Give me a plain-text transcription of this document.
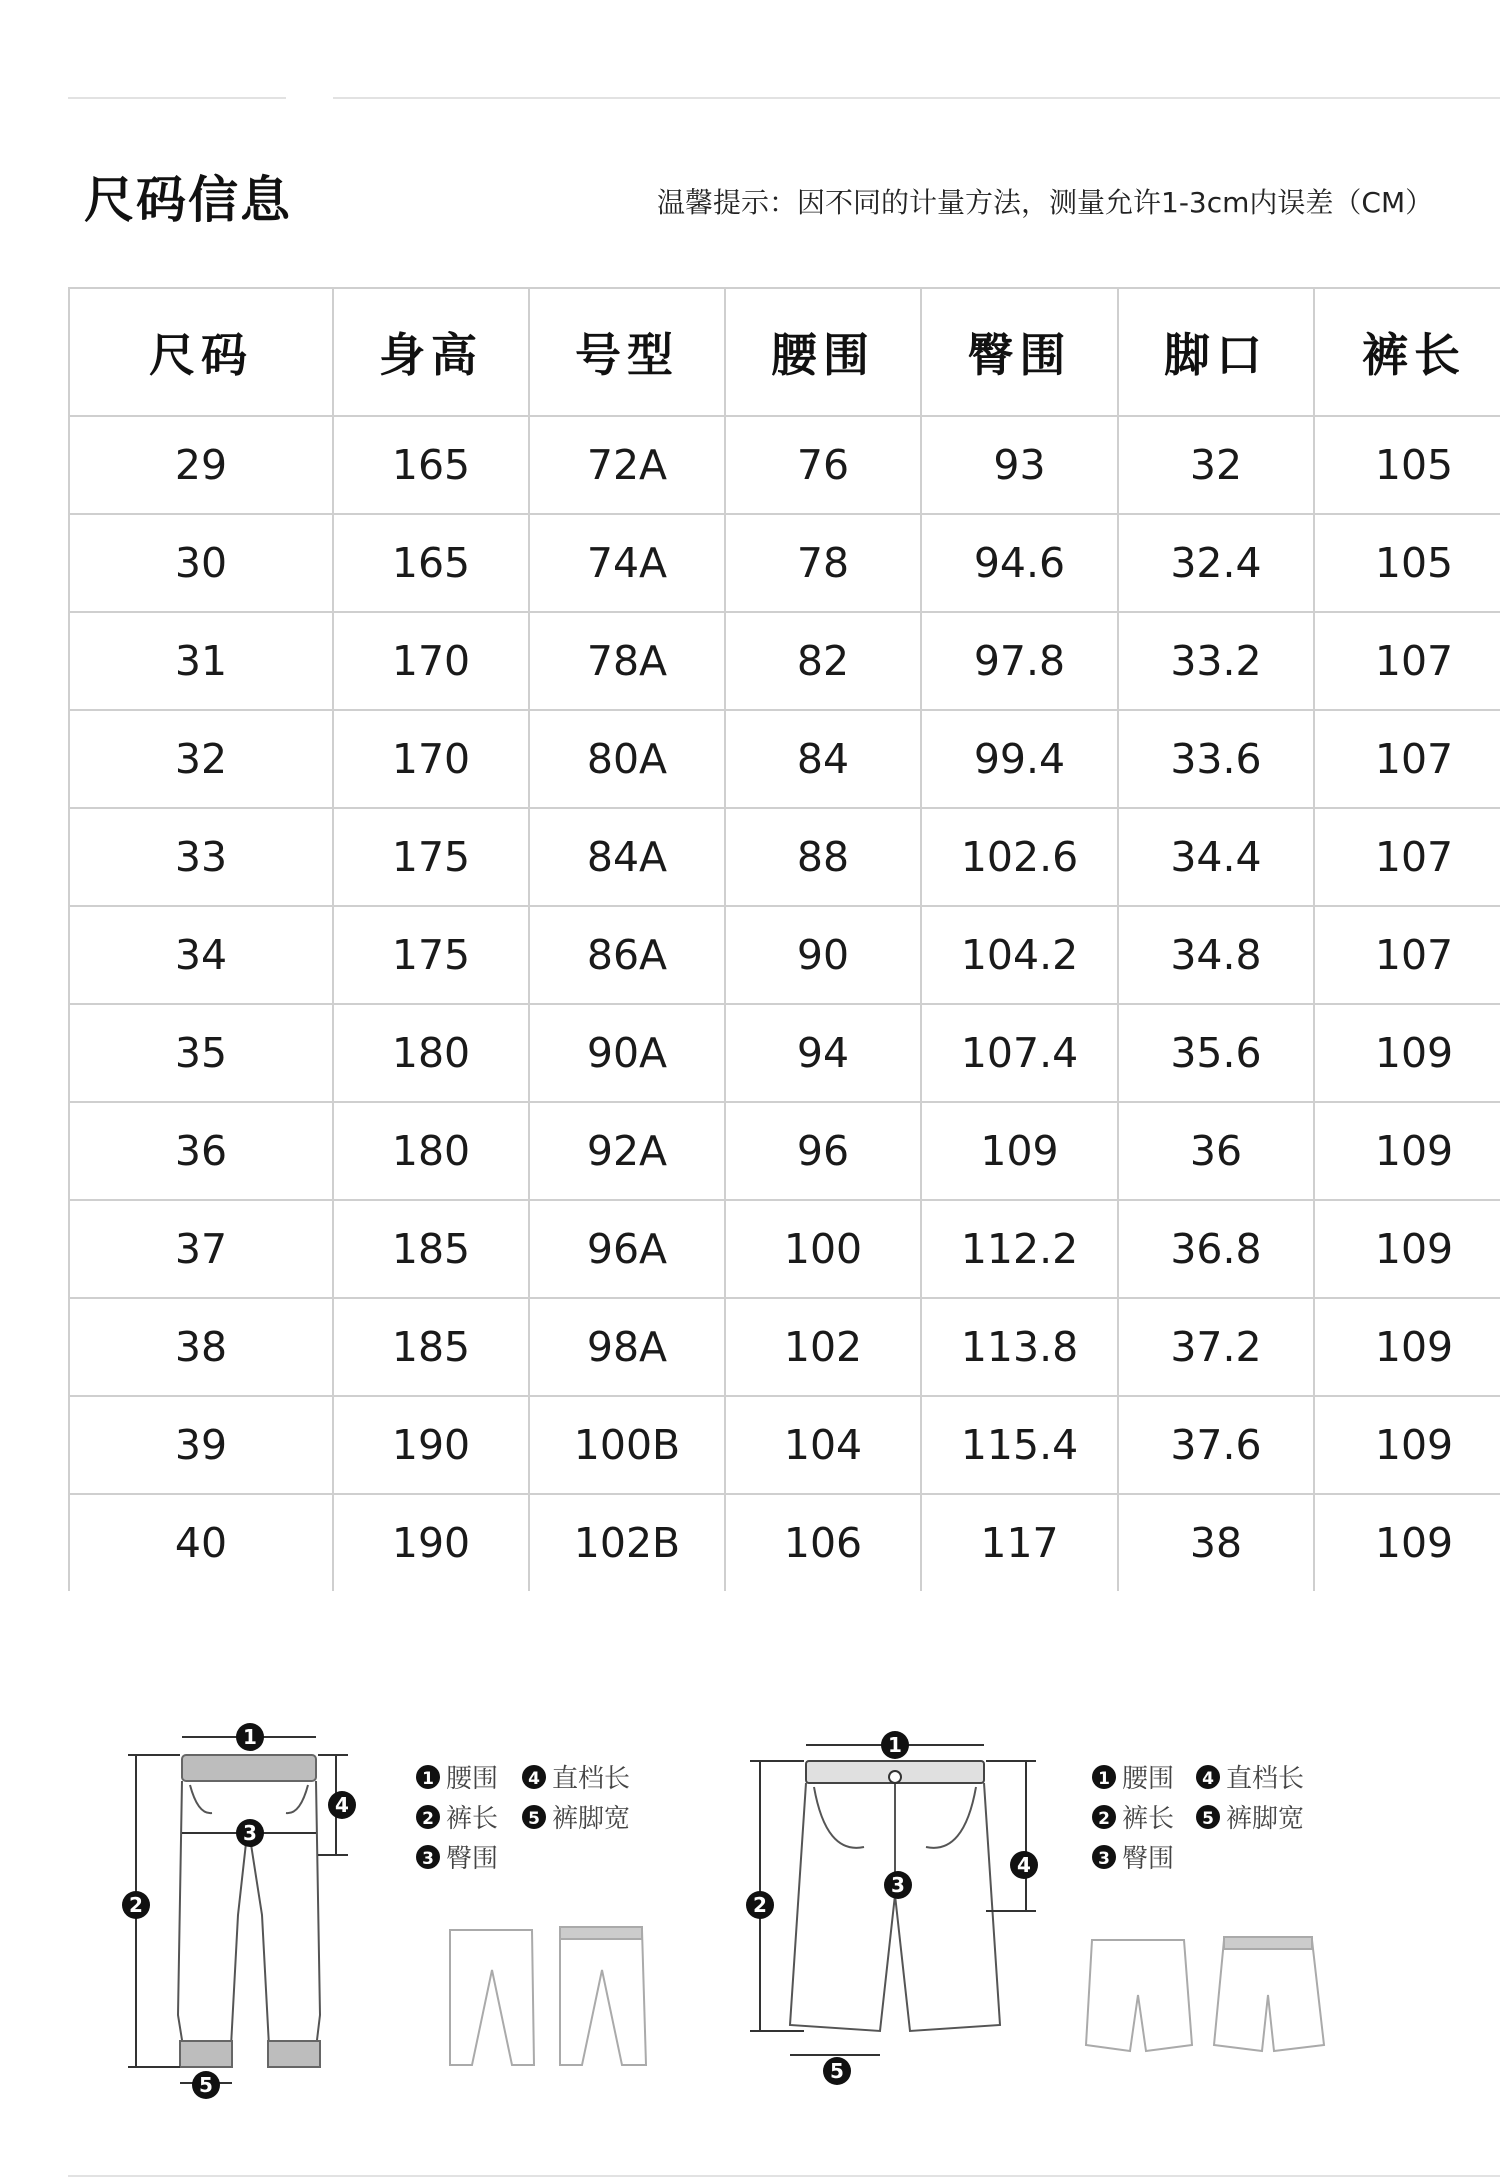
尺码信息	温馨提示：因不同的计量方法，测量允许1-3cm内误差（CM）
尺码	身高	号型	腰围	臀围	脚口	裤长
29	165	72A	76	93	32	105
30	165	74A	78	94.6	32.4	105
31	170	78A	82	97.8	33.2	107
32	170	80A	84	99.4	33.6	107
33	175	84A	88	102.6	34.4	107
34	175	86A	90	104.2	34.8	107
35	180	90A	94	107.4	35.6	109
36	180	92A	96	109	36	109
37	185	96A	100	112.2	36.8	109
38	185	98A	102	113.8	37.2	109
39	190	100B	104	115.4	37.6	109
40	190	102B	106	117	38	109
1
2
3
4
5
1 腰围 4 直档长
2 裤长 5 裤脚宽
3 臀围
1
2
3
4
5
1 腰围 4 直档长
2 裤长 5 裤脚宽
3 臀围
